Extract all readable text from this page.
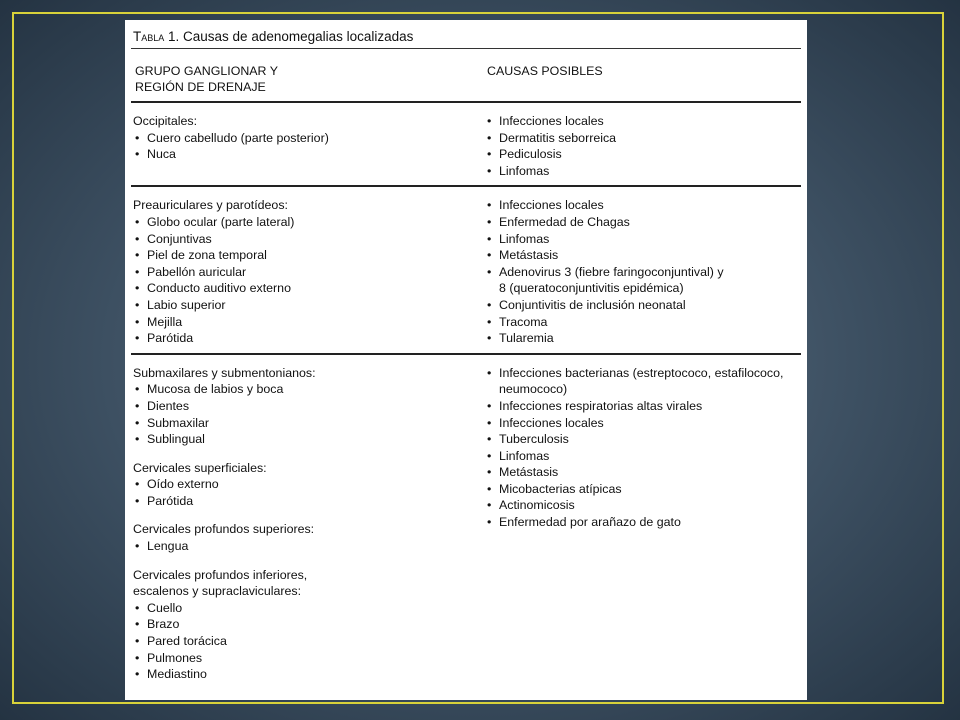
Tabla 1. Causas de adenomegalias localizadas
GRUPO GANGLIONAR Y
REGIÓN DE DRENAJE
CAUSAS POSIBLES
Occipitales:
• Cuero cabelludo (parte posterior)
• Nuca
• Infecciones locales
• Dermatitis seborreica
• Pediculosis
• Linfomas
Preauriculares y parotídeos:
• Globo ocular (parte lateral)
• Conjuntivas
• Piel de zona temporal
• Pabellón auricular
• Conducto auditivo externo
• Labio superior
• Mejilla
• Parótida
• Infecciones locales
• Enfermedad de Chagas
• Linfomas
• Metástasis
• Adenovirus 3 (fiebre faringoconjuntival) y
8 (queratoconjuntivitis epidémica)
• Conjuntivitis de inclusión neonatal
• Tracoma
• Tularemia
Submaxilares y submentonianos:
• Mucosa de labios y boca
• Dientes
• Submaxilar
• Sublingual
Cervicales superficiales:
• Oído externo
• Parótida
Cervicales profundos superiores:
• Lengua
Cervicales profundos inferiores,
escalenos y supraclaviculares:
• Cuello
• Brazo
• Pared torácica
• Pulmones
• Mediastino
• Infecciones bacterianas (estreptococo, estafilococo,
neumococo)
• Infecciones respiratorias altas virales
• Infecciones locales
• Tuberculosis
• Linfomas
• Metástasis
• Micobacterias atípicas
• Actinomicosis
• Enfermedad por arañazo de gato
